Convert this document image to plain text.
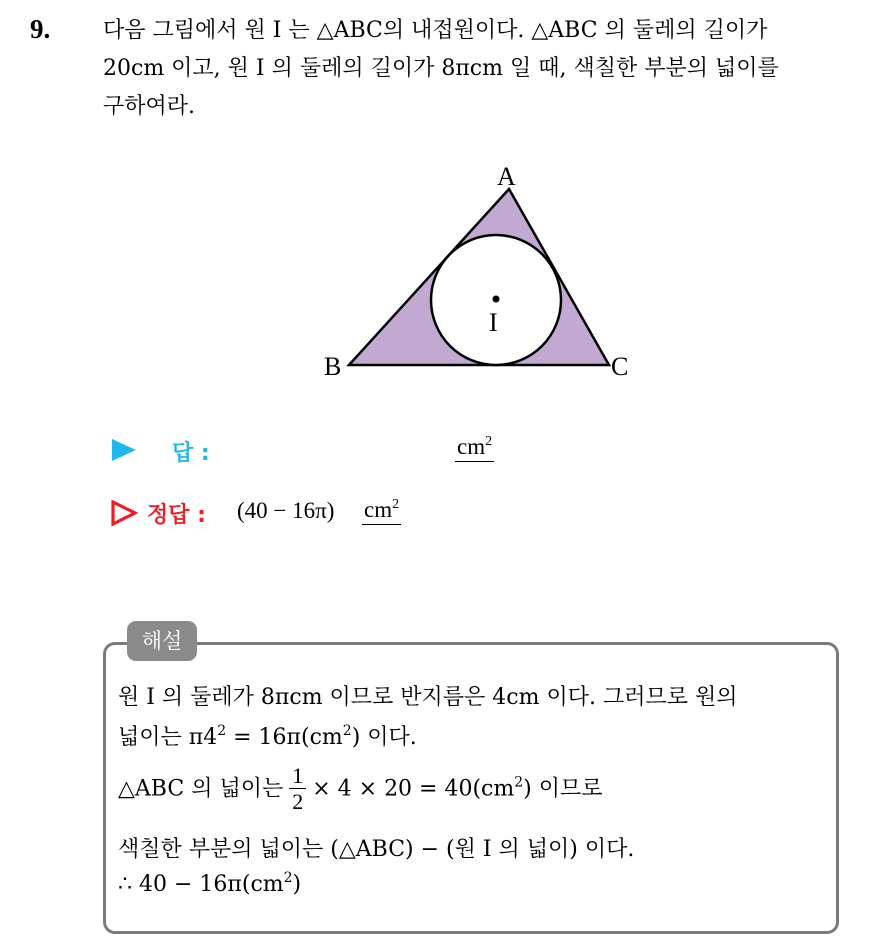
9. 다음 그림에서 원 I 는 △ABC의 내접원이다. △ABC 의 둘레의 길이가
20cm 이고, 원 I 의 둘레의 길이가 8πcm 일 때, 색칠한 부분의 넓이를
구하여라.
A
B	C
I
답 :	$cm^2$
정답 : (40 − 16π) $cm^2$
해설
원 I 의 둘레가 8πcm 이므로 반지름은 4cm 이다. 그러므로 원의
넓이는 $\pi 4^2 = 16\pi(cm^2)$ 이다.
△ABC 의 넓이는 $\frac{1}{2} \times 4 \times 20 = 40(cm^2)$ 이므로
색칠한 부분의 넓이는 (△ABC) − (원 I 의 넓이) 이다.
∴ $40 - 16\pi(cm^2)$
